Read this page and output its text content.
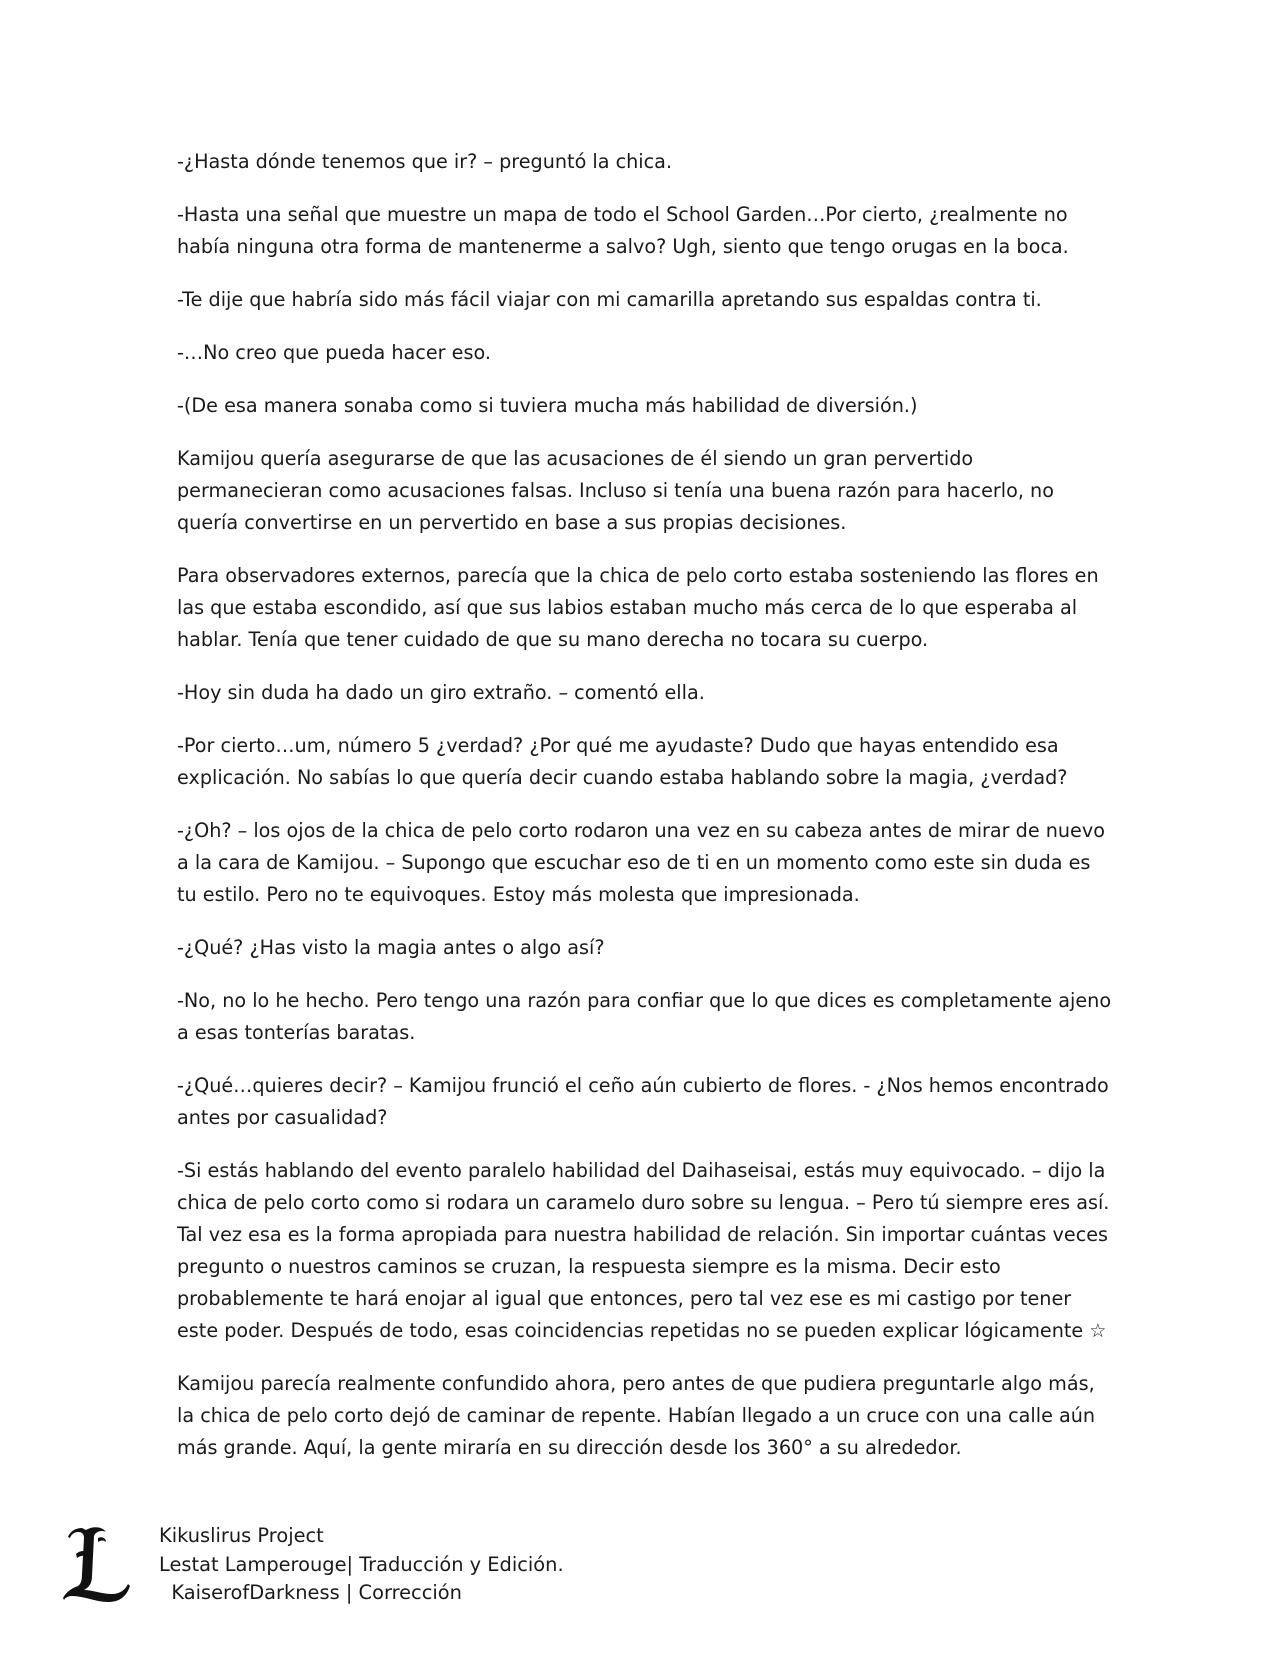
-¿Hasta dónde tenemos que ir? – preguntó la chica.

-Hasta una señal que muestre un mapa de todo el School Garden…Por cierto, ¿realmente no había ninguna otra forma de mantenerme a salvo? Ugh, siento que tengo orugas en la boca.

-Te dije que habría sido más fácil viajar con mi camarilla apretando sus espaldas contra ti.

-…No creo que pueda hacer eso.

-(De esa manera sonaba como si tuviera mucha más habilidad de diversión.)

Kamijou quería asegurarse de que las acusaciones de él siendo un gran pervertido permanecieran como acusaciones falsas. Incluso si tenía una buena razón para hacerlo, no quería convertirse en un pervertido en base a sus propias decisiones.

Para observadores externos, parecía que la chica de pelo corto estaba sosteniendo las flores en las que estaba escondido, así que sus labios estaban mucho más cerca de lo que esperaba al hablar. Tenía que tener cuidado de que su mano derecha no tocara su cuerpo.

-Hoy sin duda ha dado un giro extraño. – comentó ella.

-Por cierto…um, número 5 ¿verdad? ¿Por qué me ayudaste? Dudo que hayas entendido esa explicación. No sabías lo que quería decir cuando estaba hablando sobre la magia, ¿verdad?

-¿Oh? – los ojos de la chica de pelo corto rodaron una vez en su cabeza antes de mirar de nuevo a la cara de Kamijou. – Supongo que escuchar eso de ti en un momento como este sin duda es tu estilo. Pero no te equivoques. Estoy más molesta que impresionada.

-¿Qué? ¿Has visto la magia antes o algo así?

-No, no lo he hecho. Pero tengo una razón para confiar que lo que dices es completamente ajeno a esas tonterías baratas.

-¿Qué…quieres decir? – Kamijou frunció el ceño aún cubierto de flores. - ¿Nos hemos encontrado antes por casualidad?

-Si estás hablando del evento paralelo habilidad del Daihaseisai, estás muy equivocado. – dijo la chica de pelo corto como si rodara un caramelo duro sobre su lengua. – Pero tú siempre eres así. Tal vez esa es la forma apropiada para nuestra habilidad de relación. Sin importar cuántas veces pregunto o nuestros caminos se cruzan, la respuesta siempre es la misma. Decir esto probablemente te hará enojar al igual que entonces, pero tal vez ese es mi castigo por tener este poder. Después de todo, esas coincidencias repetidas no se pueden explicar lógicamente ☆

Kamijou parecía realmente confundido ahora, pero antes de que pudiera preguntarle algo más, la chica de pelo corto dejó de caminar de repente. Habían llegado a un cruce con una calle aún más grande. Aquí, la gente miraría en su dirección desde los 360° a su alrededor.

Kikuslirus Project
Lestat Lamperouge| Traducción y Edición.
KaiserofDarkness | Corrección
